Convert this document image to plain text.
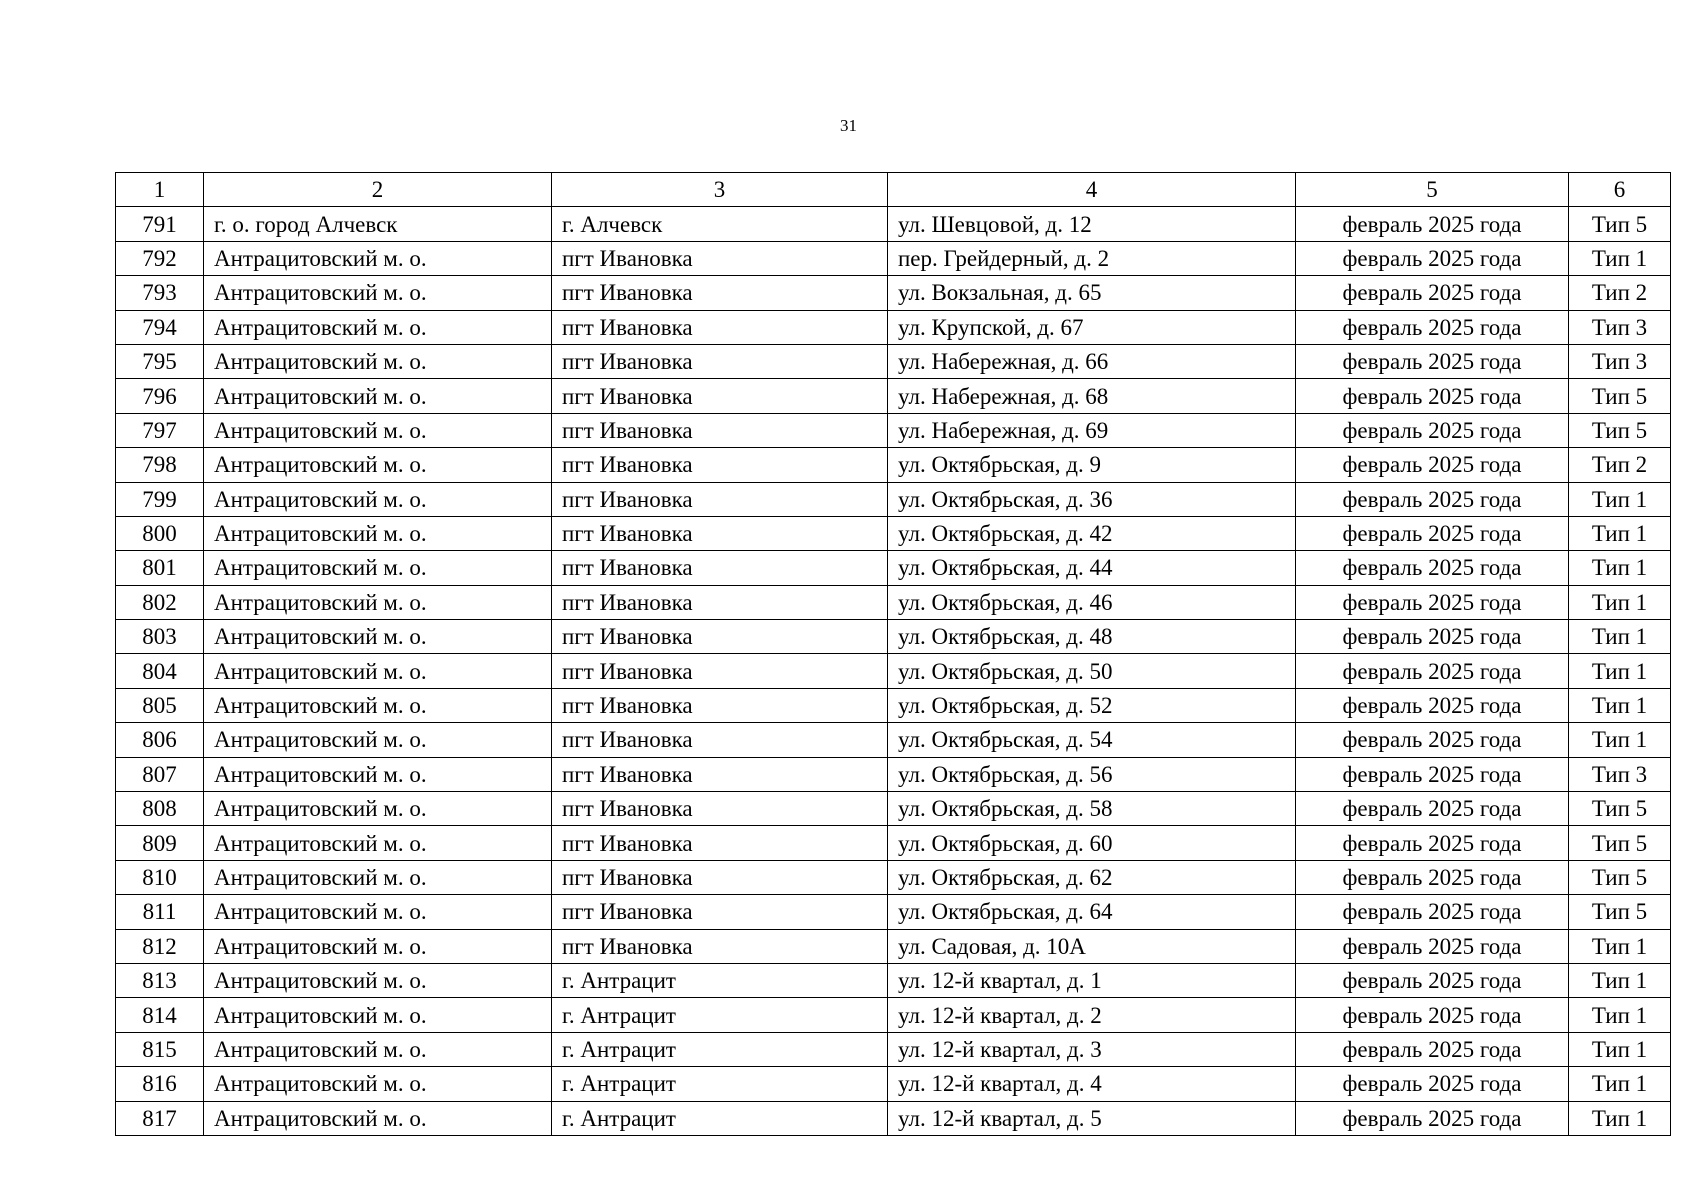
31
1	2	3	4	5	6
791	г. о. город Алчевск	г. Алчевск	ул. Шевцовой, д. 12	февраль 2025 года	Тип 5
792	Антрацитовский м. о.	пгт Ивановка	пер. Грейдерный, д. 2	февраль 2025 года	Тип 1
793	Антрацитовский м. о.	пгт Ивановка	ул. Вокзальная, д. 65	февраль 2025 года	Тип 2
794	Антрацитовский м. о.	пгт Ивановка	ул. Крупской, д. 67	февраль 2025 года	Тип 3
795	Антрацитовский м. о.	пгт Ивановка	ул. Набережная, д. 66	февраль 2025 года	Тип 3
796	Антрацитовский м. о.	пгт Ивановка	ул. Набережная, д. 68	февраль 2025 года	Тип 5
797	Антрацитовский м. о.	пгт Ивановка	ул. Набережная, д. 69	февраль 2025 года	Тип 5
798	Антрацитовский м. о.	пгт Ивановка	ул. Октябрьская, д. 9	февраль 2025 года	Тип 2
799	Антрацитовский м. о.	пгт Ивановка	ул. Октябрьская, д. 36	февраль 2025 года	Тип 1
800	Антрацитовский м. о.	пгт Ивановка	ул. Октябрьская, д. 42	февраль 2025 года	Тип 1
801	Антрацитовский м. о.	пгт Ивановка	ул. Октябрьская, д. 44	февраль 2025 года	Тип 1
802	Антрацитовский м. о.	пгт Ивановка	ул. Октябрьская, д. 46	февраль 2025 года	Тип 1
803	Антрацитовский м. о.	пгт Ивановка	ул. Октябрьская, д. 48	февраль 2025 года	Тип 1
804	Антрацитовский м. о.	пгт Ивановка	ул. Октябрьская, д. 50	февраль 2025 года	Тип 1
805	Антрацитовский м. о.	пгт Ивановка	ул. Октябрьская, д. 52	февраль 2025 года	Тип 1
806	Антрацитовский м. о.	пгт Ивановка	ул. Октябрьская, д. 54	февраль 2025 года	Тип 1
807	Антрацитовский м. о.	пгт Ивановка	ул. Октябрьская, д. 56	февраль 2025 года	Тип 3
808	Антрацитовский м. о.	пгт Ивановка	ул. Октябрьская, д. 58	февраль 2025 года	Тип 5
809	Антрацитовский м. о.	пгт Ивановка	ул. Октябрьская, д. 60	февраль 2025 года	Тип 5
810	Антрацитовский м. о.	пгт Ивановка	ул. Октябрьская, д. 62	февраль 2025 года	Тип 5
811	Антрацитовский м. о.	пгт Ивановка	ул. Октябрьская, д. 64	февраль 2025 года	Тип 5
812	Антрацитовский м. о.	пгт Ивановка	ул. Садовая, д. 10А	февраль 2025 года	Тип 1
813	Антрацитовский м. о.	г. Антрацит	ул. 12-й квартал, д. 1	февраль 2025 года	Тип 1
814	Антрацитовский м. о.	г. Антрацит	ул. 12-й квартал, д. 2	февраль 2025 года	Тип 1
815	Антрацитовский м. о.	г. Антрацит	ул. 12-й квартал, д. 3	февраль 2025 года	Тип 1
816	Антрацитовский м. о.	г. Антрацит	ул. 12-й квартал, д. 4	февраль 2025 года	Тип 1
817	Антрацитовский м. о.	г. Антрацит	ул. 12-й квартал, д. 5	февраль 2025 года	Тип 1
